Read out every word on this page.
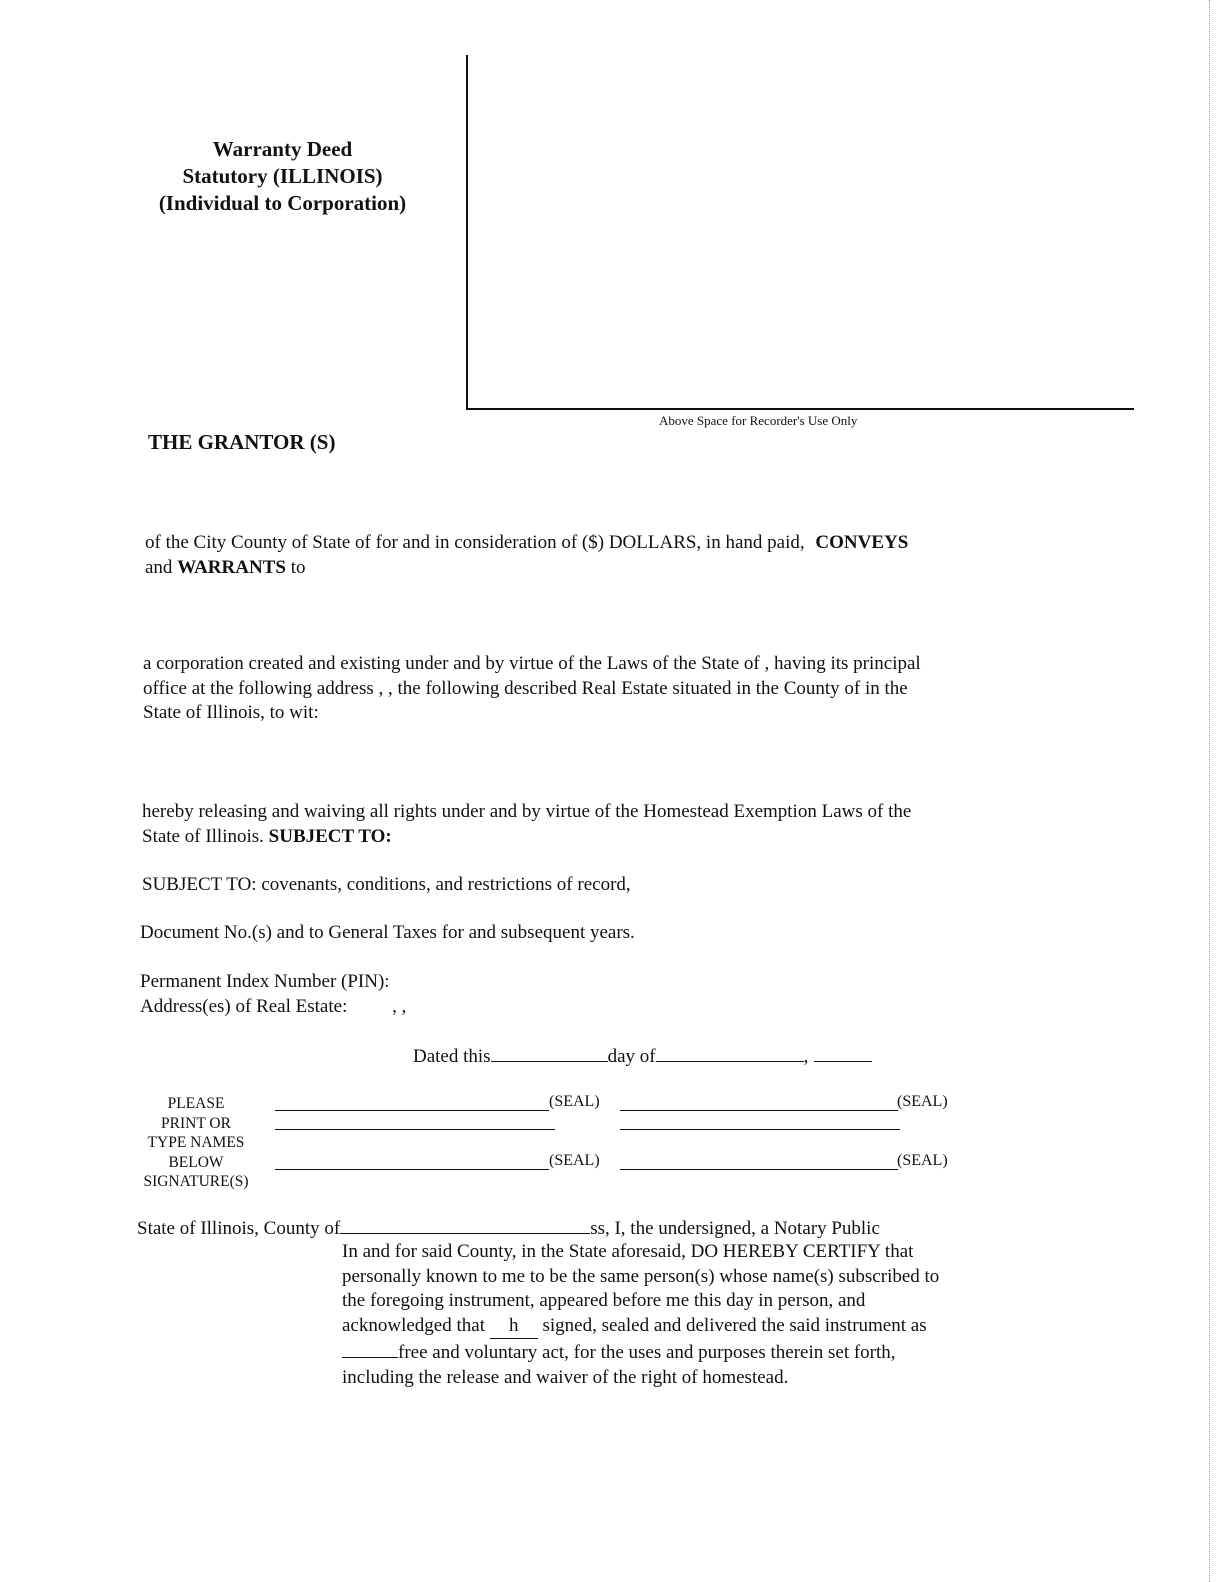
Warranty Deed
Statutory (ILLINOIS)
(Individual to Corporation)
Above Space for Recorder's Use Only
THE GRANTOR (S)
of the City County of State of for and in consideration of ($) DOLLARS, in hand paid, CONVEYS
and WARRANTS to
a corporation created and existing under and by virtue of the Laws of the State of , having its principal
office at the following address , , the following described Real Estate situated in the County of in the
State of Illinois, to wit:
hereby releasing and waiving all rights under and by virtue of the Homestead Exemption Laws of the
State of Illinois. SUBJECT TO:
SUBJECT TO: covenants, conditions, and restrictions of record,
Document No.(s) and to General Taxes for and subsequent years.
Permanent Index Number (PIN):
Address(es) of Real Estate: , ,
Dated this	day of	,
PLEASE
PRINT OR
TYPE NAMES
BELOW
SIGNATURE(S)
(SEAL)	(SEAL)
(SEAL)	(SEAL)
State of Illinois, County of	ss, I, the undersigned, a Notary Public
In and for said County, in the State aforesaid, DO HEREBY CERTIFY that
personally known to me to be the same person(s) whose name(s) subscribed to
the foregoing instrument, appeared before me this day in person, and
acknowledged that h signed, sealed and delivered the said instrument as
free and voluntary act, for the uses and purposes therein set forth,
including the release and waiver of the right of homestead.
